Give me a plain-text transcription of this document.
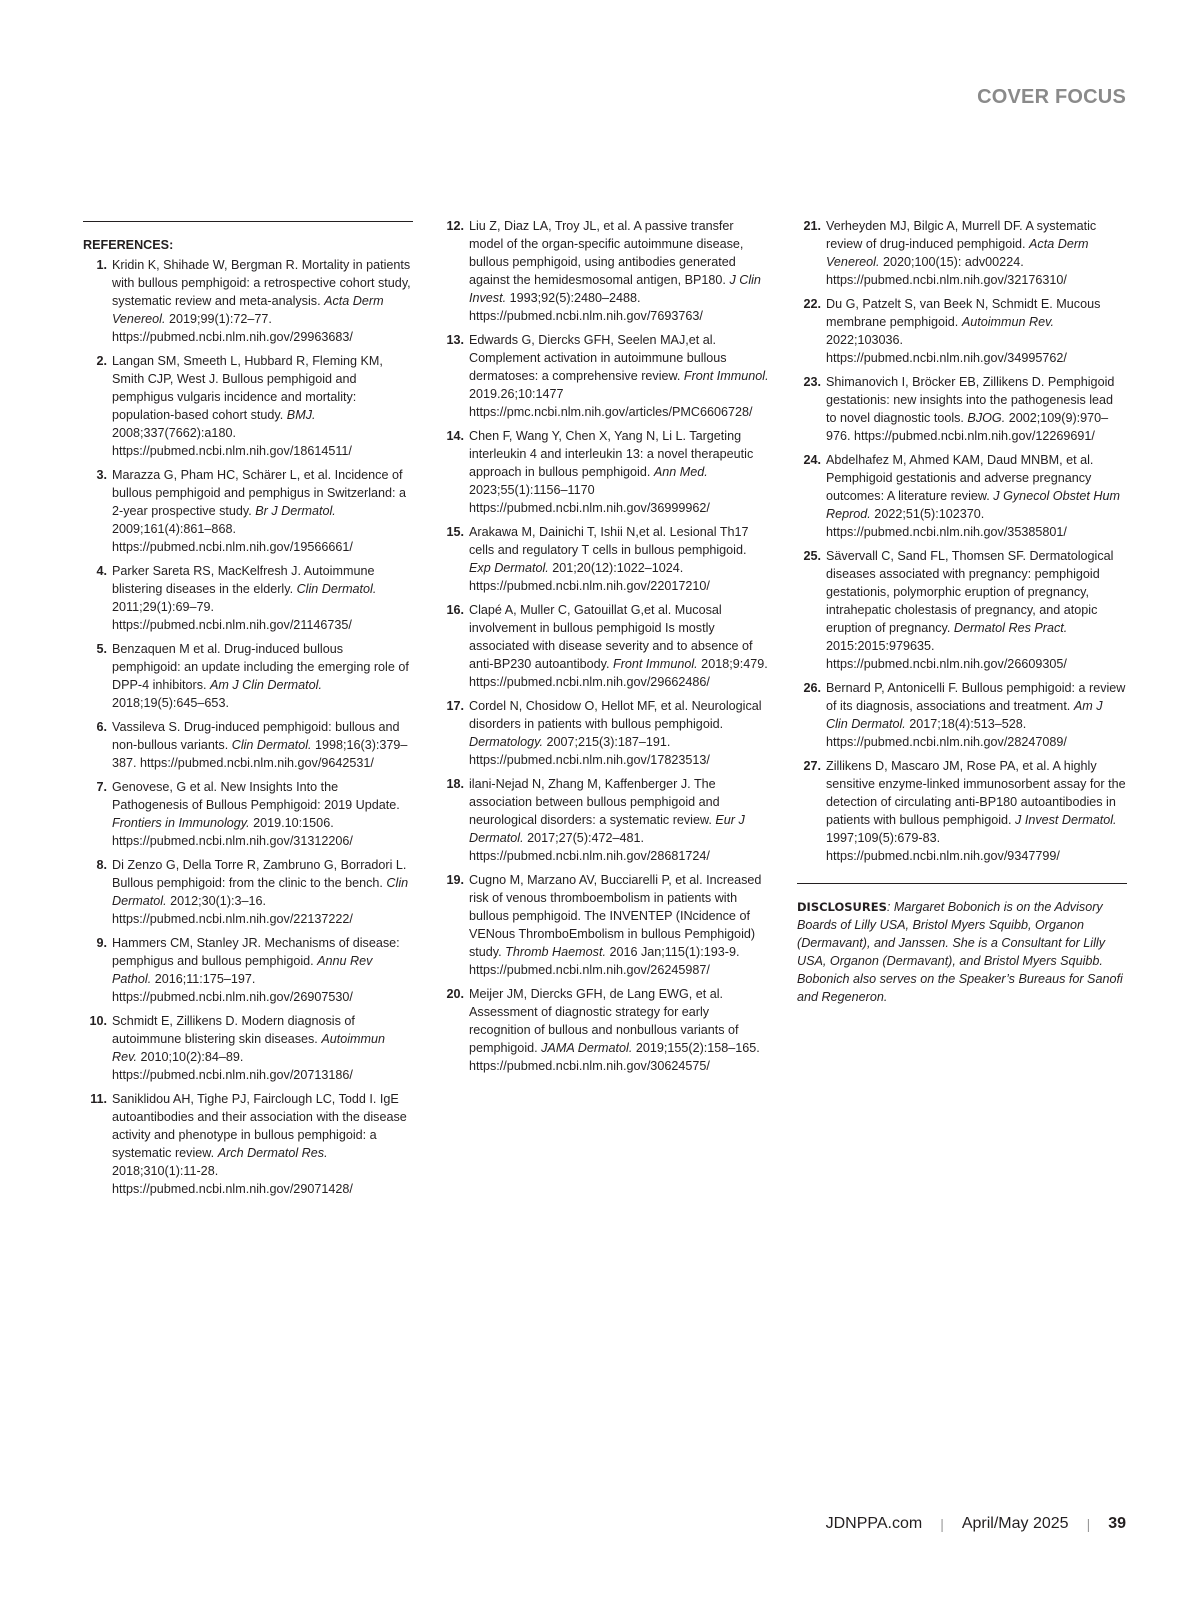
COVER FOCUS
REFERENCES:
1. Kridin K, Shihade W, Bergman R. Mortality in patients with bullous pemphigoid: a retrospective cohort study, systematic review and meta-analysis. Acta Derm Venereol. 2019;99(1):72–77. https://pubmed.ncbi.nlm.nih.gov/29963683/
2. Langan SM, Smeeth L, Hubbard R, Fleming KM, Smith CJP, West J. Bullous pemphigoid and pemphigus vulgaris incidence and mortality: population-based cohort study. BMJ. 2008;337(7662):a180. https://pubmed.ncbi.nlm.nih.gov/18614511/
3. Marazza G, Pham HC, Schärer L, et al. Incidence of bullous pemphigoid and pemphigus in Switzerland: a 2-year prospective study. Br J Dermatol. 2009;161(4):861–868. https://pubmed.ncbi.nlm.nih.gov/19566661/
4. Parker Sareta RS, MacKelfresh J. Autoimmune blistering diseases in the elderly. Clin Dermatol. 2011;29(1):69–79. https://pubmed.ncbi.nlm.nih.gov/21146735/
5. Benzaquen M et al. Drug-induced bullous pemphigoid: an update including the emerging role of DPP-4 inhibitors. Am J Clin Dermatol. 2018;19(5):645–653.
6. Vassileva S. Drug-induced pemphigoid: bullous and non-bullous variants. Clin Dermatol. 1998;16(3):379–387. https://pubmed.ncbi.nlm.nih.gov/9642531/
7. Genovese, G et al. New Insights Into the Pathogenesis of Bullous Pemphigoid: 2019 Update. Frontiers in Immunology. 2019.10:1506. https://pubmed.ncbi.nlm.nih.gov/31312206/
8. Di Zenzo G, Della Torre R, Zambruno G, Borradori L. Bullous pemphigoid: from the clinic to the bench. Clin Dermatol. 2012;30(1):3–16. https://pubmed.ncbi.nlm.nih.gov/22137222/
9. Hammers CM, Stanley JR. Mechanisms of disease: pemphigus and bullous pemphigoid. Annu Rev Pathol. 2016;11:175–197. https://pubmed.ncbi.nlm.nih.gov/26907530/
10. Schmidt E, Zillikens D. Modern diagnosis of autoimmune blistering skin diseases. Autoimmun Rev. 2010;10(2):84–89. https://pubmed.ncbi.nlm.nih.gov/20713186/
11. Saniklidou AH, Tighe PJ, Fairclough LC, Todd I. IgE autoantibodies and their association with the disease activity and phenotype in bullous pemphigoid: a systematic review. Arch Dermatol Res. 2018;310(1):11-28. https://pubmed.ncbi.nlm.nih.gov/29071428/
12. Liu Z, Diaz LA, Troy JL, et al. A passive transfer model of the organ-specific autoimmune disease, bullous pemphigoid, using antibodies generated against the hemidesmosomal antigen, BP180. J Clin Invest. 1993;92(5):2480–2488. https://pubmed.ncbi.nlm.nih.gov/7693763/
13. Edwards G, Diercks GFH, Seelen MAJ,et al. Complement activation in autoimmune bullous dermatoses: a comprehensive review. Front Immunol. 2019.26;10:1477 https://pmc.ncbi.nlm.nih.gov/articles/PMC6606728/
14. Chen F, Wang Y, Chen X, Yang N, Li L. Targeting interleukin 4 and interleukin 13: a novel therapeutic approach in bullous pemphigoid. Ann Med. 2023;55(1):1156–1170 https://pubmed.ncbi.nlm.nih.gov/36999962/
15. Arakawa M, Dainichi T, Ishii N,et al. Lesional Th17 cells and regulatory T cells in bullous pemphigoid. Exp Dermatol. 201;20(12):1022–1024. https://pubmed.ncbi.nlm.nih.gov/22017210/
16. Clapé A, Muller C, Gatouillat G,et al. Mucosal involvement in bullous pemphigoid Is mostly associated with disease severity and to absence of anti-BP230 autoantibody. Front Immunol. 2018;9:479. https://pubmed.ncbi.nlm.nih.gov/29662486/
17. Cordel N, Chosidow O, Hellot MF, et al. Neurological disorders in patients with bullous pemphigoid. Dermatology. 2007;215(3):187–191. https://pubmed.ncbi.nlm.nih.gov/17823513/
18. ilani-Nejad N, Zhang M, Kaffenberger J. The association between bullous pemphigoid and neurological disorders: a systematic review. Eur J Dermatol. 2017;27(5):472–481. https://pubmed.ncbi.nlm.nih.gov/28681724/
19. Cugno M, Marzano AV, Bucciarelli P, et al. Increased risk of venous thromboembolism in patients with bullous pemphigoid. The INVENTEP (INcidence of VENous ThromboEmbolism in bullous Pemphigoid) study. Thromb Haemost. 2016 Jan;115(1):193-9. https://pubmed.ncbi.nlm.nih.gov/26245987/
20. Meijer JM, Diercks GFH, de Lang EWG, et al. Assessment of diagnostic strategy for early recognition of bullous and nonbullous variants of pemphigoid. JAMA Dermatol. 2019;155(2):158–165. https://pubmed.ncbi.nlm.nih.gov/30624575/
21. Verheyden MJ, Bilgic A, Murrell DF. A systematic review of drug-induced pemphigoid. Acta Derm Venereol. 2020;100(15): adv00224. https://pubmed.ncbi.nlm.nih.gov/32176310/
22. Du G, Patzelt S, van Beek N, Schmidt E. Mucous membrane pemphigoid. Autoimmun Rev. 2022;103036. https://pubmed.ncbi.nlm.nih.gov/34995762/
23. Shimanovich I, Bröcker EB, Zillikens D. Pemphigoid gestationis: new insights into the pathogenesis lead to novel diagnostic tools. BJOG. 2002;109(9):970–976. https://pubmed.ncbi.nlm.nih.gov/12269691/
24. Abdelhafez M, Ahmed KAM, Daud MNBM, et al. Pemphigoid gestationis and adverse pregnancy outcomes: A literature review. J Gynecol Obstet Hum Reprod. 2022;51(5):102370. https://pubmed.ncbi.nlm.nih.gov/35385801/
25. Sävervall C, Sand FL, Thomsen SF. Dermatological diseases associated with pregnancy: pemphigoid gestationis, polymorphic eruption of pregnancy, intrahepatic cholestasis of pregnancy, and atopic eruption of pregnancy. Dermatol Res Pract. 2015:2015:979635. https://pubmed.ncbi.nlm.nih.gov/26609305/
26. Bernard P, Antonicelli F. Bullous pemphigoid: a review of its diagnosis, associations and treatment. Am J Clin Dermatol. 2017;18(4):513–528. https://pubmed.ncbi.nlm.nih.gov/28247089/
27. Zillikens D, Mascaro JM, Rose PA, et al. A highly sensitive enzyme-linked immunosorbent assay for the detection of circulating anti-BP180 autoantibodies in patients with bullous pemphigoid. J Invest Dermatol. 1997;109(5):679-83. https://pubmed.ncbi.nlm.nih.gov/9347799/
DISCLOSURES: Margaret Bobonich is on the Advisory Boards of Lilly USA, Bristol Myers Squibb, Organon (Dermavant), and Janssen. She is a Consultant for Lilly USA, Organon (Dermavant), and Bristol Myers Squibb. Bobonich also serves on the Speaker’s Bureaus for Sanofi and Regeneron.
JDNPPA.com | April/May 2025 | 39
